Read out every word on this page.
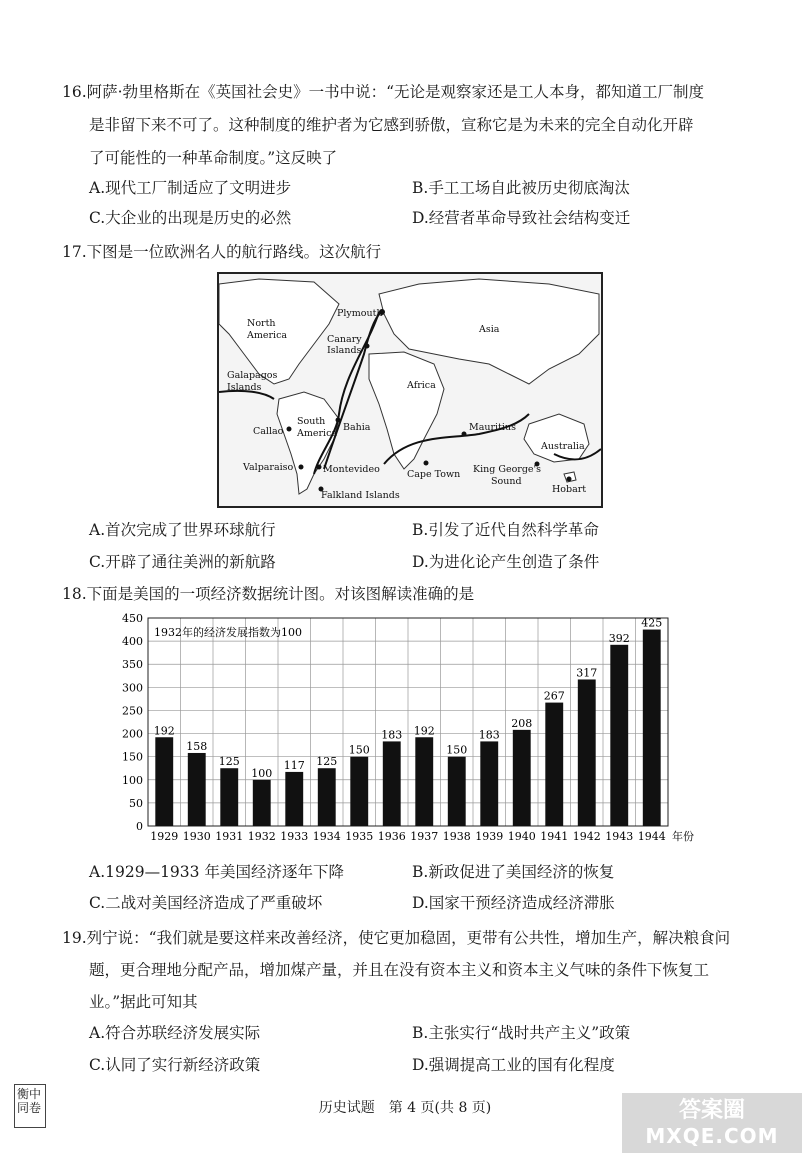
16.阿萨·勃里格斯在《英国社会史》一书中说：“无论是观察家还是工人本身，都知道工厂制度
是非留下来不可了。这种制度的维护者为它感到骄傲，宣称它是为未来的完全自动化开辟
了可能性的一种革命制度。”这反映了
A.现代工厂制适应了文明进步	B.手工工场自此被历史彻底淘汰
C.大企业的出现是历史的必然	D.经营者革命导致社会结构变迁
17.下图是一位欧洲名人的航行路线。这次航行
Plymouth
Asia
North
America	Canary
Islands
Galapagos
Islands	Africa
South
America
Bahia
Callao	Mauritius
Australia
Valparaiso	Montevideo	Cape Town King George's
Sound
Hobart
Falkland Islands
A.首次完成了世界环球航行	B.引发了近代自然科学革命
C.开辟了通往美洲的新航路	D.为进化论产生创造了条件
18.下面是美国的一项经济数据统计图。对该图解读准确的是
0
50
100
150
200
250
300
350
400
450
1932年的经济发展指数为100
192
1929
158
1930
125
1931
100
1932
117
1933
125
1934
150
1935
183
1936
192
1937
150
1938
183
1939
208
1940
267
1941
317
1942
392
1943
425
1944 年份
A.1929—1933 年美国经济逐年下降	B.新政促进了美国经济的恢复
C.二战对美国经济造成了严重破坏	D.国家干预经济造成经济滞胀
19.列宁说：“我们就是要这样来改善经济，使它更加稳固，更带有公共性，增加生产，解决粮食问
题，更合理地分配产品，增加煤产量，并且在没有资本主义和资本主义气味的条件下恢复工
业。”据此可知其
A.符合苏联经济发展实际	B.主张实行“战时共产主义”政策
C.认同了实行新经济政策	D.强调提高工业的国有化程度
衡中
同卷	历史试题　第 4 页(共 8 页)	答案圈
MXQE.COM
